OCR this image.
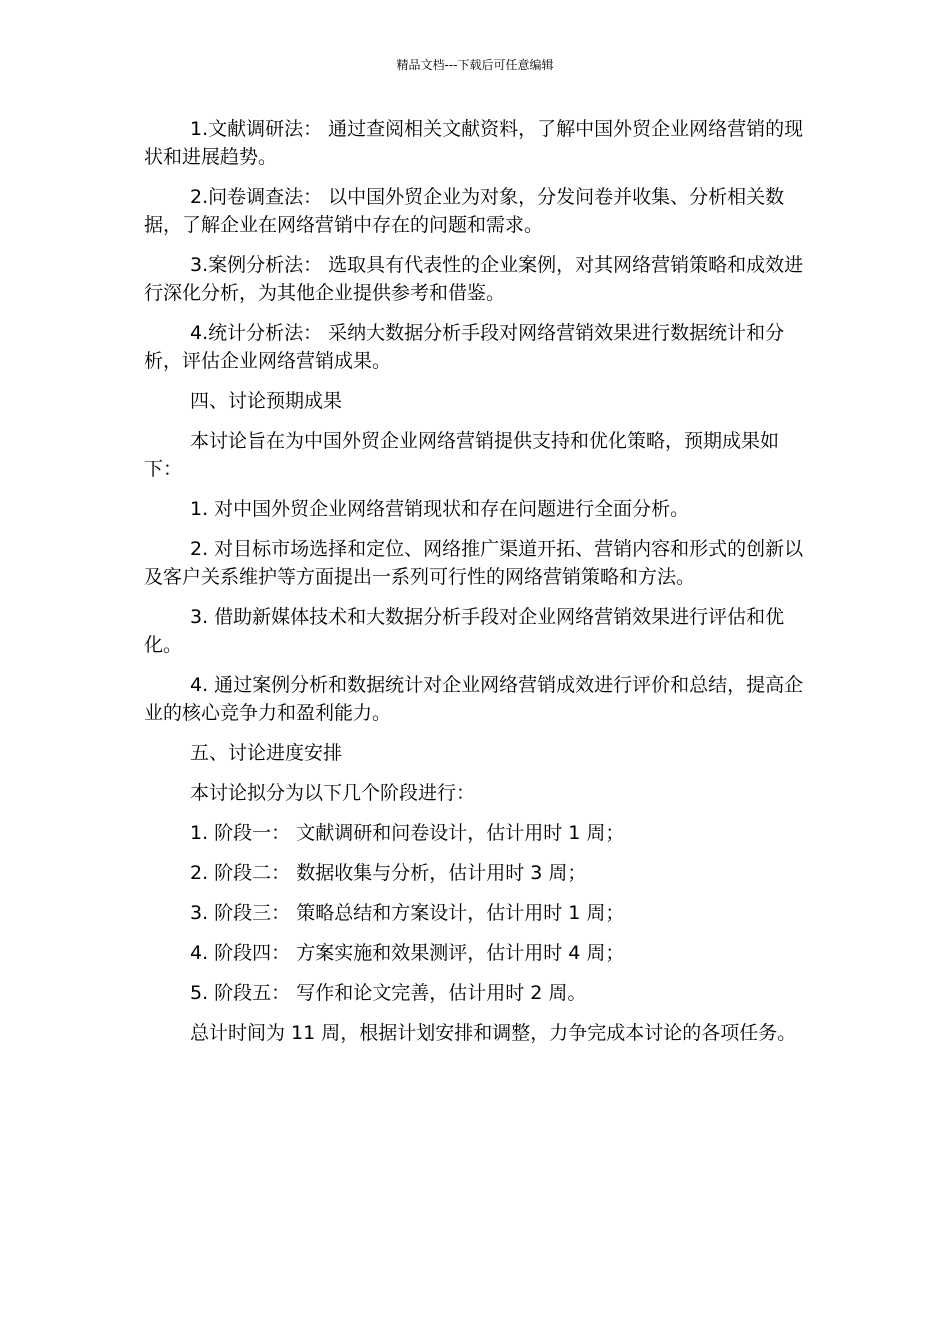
精品文档---下载后可任意编辑

1.文献调研法： 通过查阅相关文献资料，了解中国外贸企业网络营销的现状和进展趋势。

2.问卷调查法： 以中国外贸企业为对象，分发问卷并收集、分析相关数据，了解企业在网络营销中存在的问题和需求。

3.案例分析法： 选取具有代表性的企业案例，对其网络营销策略和成效进行深化分析，为其他企业提供参考和借鉴。

4.统计分析法： 采纳大数据分析手段对网络营销效果进行数据统计和分析，评估企业网络营销成果。

四、讨论预期成果

本讨论旨在为中国外贸企业网络营销提供支持和优化策略，预期成果如下：

1. 对中国外贸企业网络营销现状和存在问题进行全面分析。

2. 对目标市场选择和定位、网络推广渠道开拓、营销内容和形式的创新以及客户关系维护等方面提出一系列可行性的网络营销策略和方法。

3. 借助新媒体技术和大数据分析手段对企业网络营销效果进行评估和优化。

4. 通过案例分析和数据统计对企业网络营销成效进行评价和总结，提高企业的核心竞争力和盈利能力。

五、讨论进度安排

本讨论拟分为以下几个阶段进行：

1. 阶段一： 文献调研和问卷设计，估计用时 1 周；

2. 阶段二： 数据收集与分析，估计用时 3 周；

3. 阶段三： 策略总结和方案设计，估计用时 1 周；

4. 阶段四： 方案实施和效果测评，估计用时 4 周；

5. 阶段五： 写作和论文完善，估计用时 2 周。

总计时间为 11 周，根据计划安排和调整，力争完成本讨论的各项任务。
